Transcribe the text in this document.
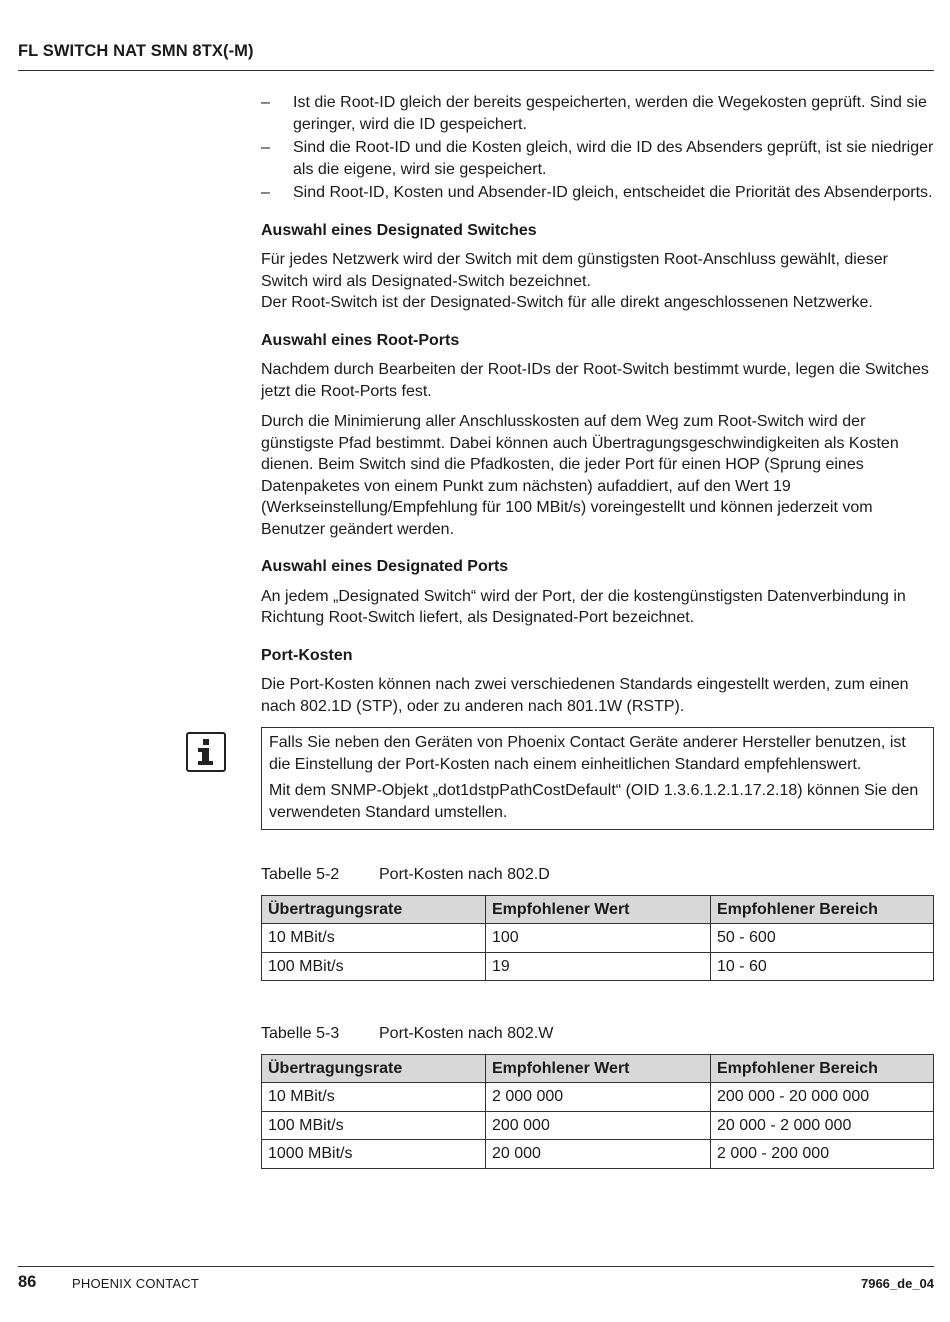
FL SWITCH NAT SMN 8TX(-M)
– Ist die Root-ID gleich der bereits gespeicherten, werden die Wegekosten geprüft. Sind sie geringer, wird die ID gespeichert.
– Sind die Root-ID und die Kosten gleich, wird die ID des Absenders geprüft, ist sie niedriger als die eigene, wird sie gespeichert.
– Sind Root-ID, Kosten und Absender-ID gleich, entscheidet die Priorität des Absenderports.
Auswahl eines Designated Switches

Für jedes Netzwerk wird der Switch mit dem günstigsten Root-Anschluss gewählt, dieser Switch wird als Designated-Switch bezeichnet.

Der Root-Switch ist der Designated-Switch für alle direkt angeschlossenen Netzwerke.

Auswahl eines Root-Ports

Nachdem durch Bearbeiten der Root-IDs der Root-Switch bestimmt wurde, legen die Switches jetzt die Root-Ports fest.

Durch die Minimierung aller Anschlusskosten auf dem Weg zum Root-Switch wird der günstigste Pfad bestimmt. Dabei können auch Übertragungsgeschwindigkeiten als Kosten dienen. Beim Switch sind die Pfadkosten, die jeder Port für einen HOP (Sprung eines Datenpaketes von einem Punkt zum nächsten) aufaddiert, auf den Wert 19 (Werkseinstellung/Empfehlung für 100 MBit/s) voreingestellt und können jederzeit vom Benutzer geändert werden.

Auswahl eines Designated Ports

An jedem „Designated Switch“ wird der Port, der die kostengünstigsten Datenverbindung in Richtung Root-Switch liefert, als Designated-Port bezeichnet.

Port-Kosten

Die Port-Kosten können nach zwei verschiedenen Standards eingestellt werden, zum einen nach 802.1D (STP), oder zu anderen nach 801.1W (RSTP).

Falls Sie neben den Geräten von Phoenix Contact Geräte anderer Hersteller benutzen, ist die Einstellung der Port-Kosten nach einem einheitlichen Standard empfehlenswert.

Mit dem SNMP-Objekt „dot1dstpPathCostDefault“ (OID 1.3.6.1.2.1.17.2.18) können Sie den verwendeten Standard umstellen.

Tabelle 5-2	Port-Kosten nach 802.D
Übertragungsrate	Empfohlener Wert	Empfohlener Bereich
10 MBit/s	100	50 - 600
100 MBit/s	19	10 - 60
Tabelle 5-3	Port-Kosten nach 802.W
Übertragungsrate	Empfohlener Wert	Empfohlener Bereich
10 MBit/s	2 000 000	200 000 - 20 000 000
100 MBit/s	200 000	20 000 - 2 000 000
1000 MBit/s	20 000	2 000 - 200 000
86	PHOENIX CONTACT	7966_de_04
